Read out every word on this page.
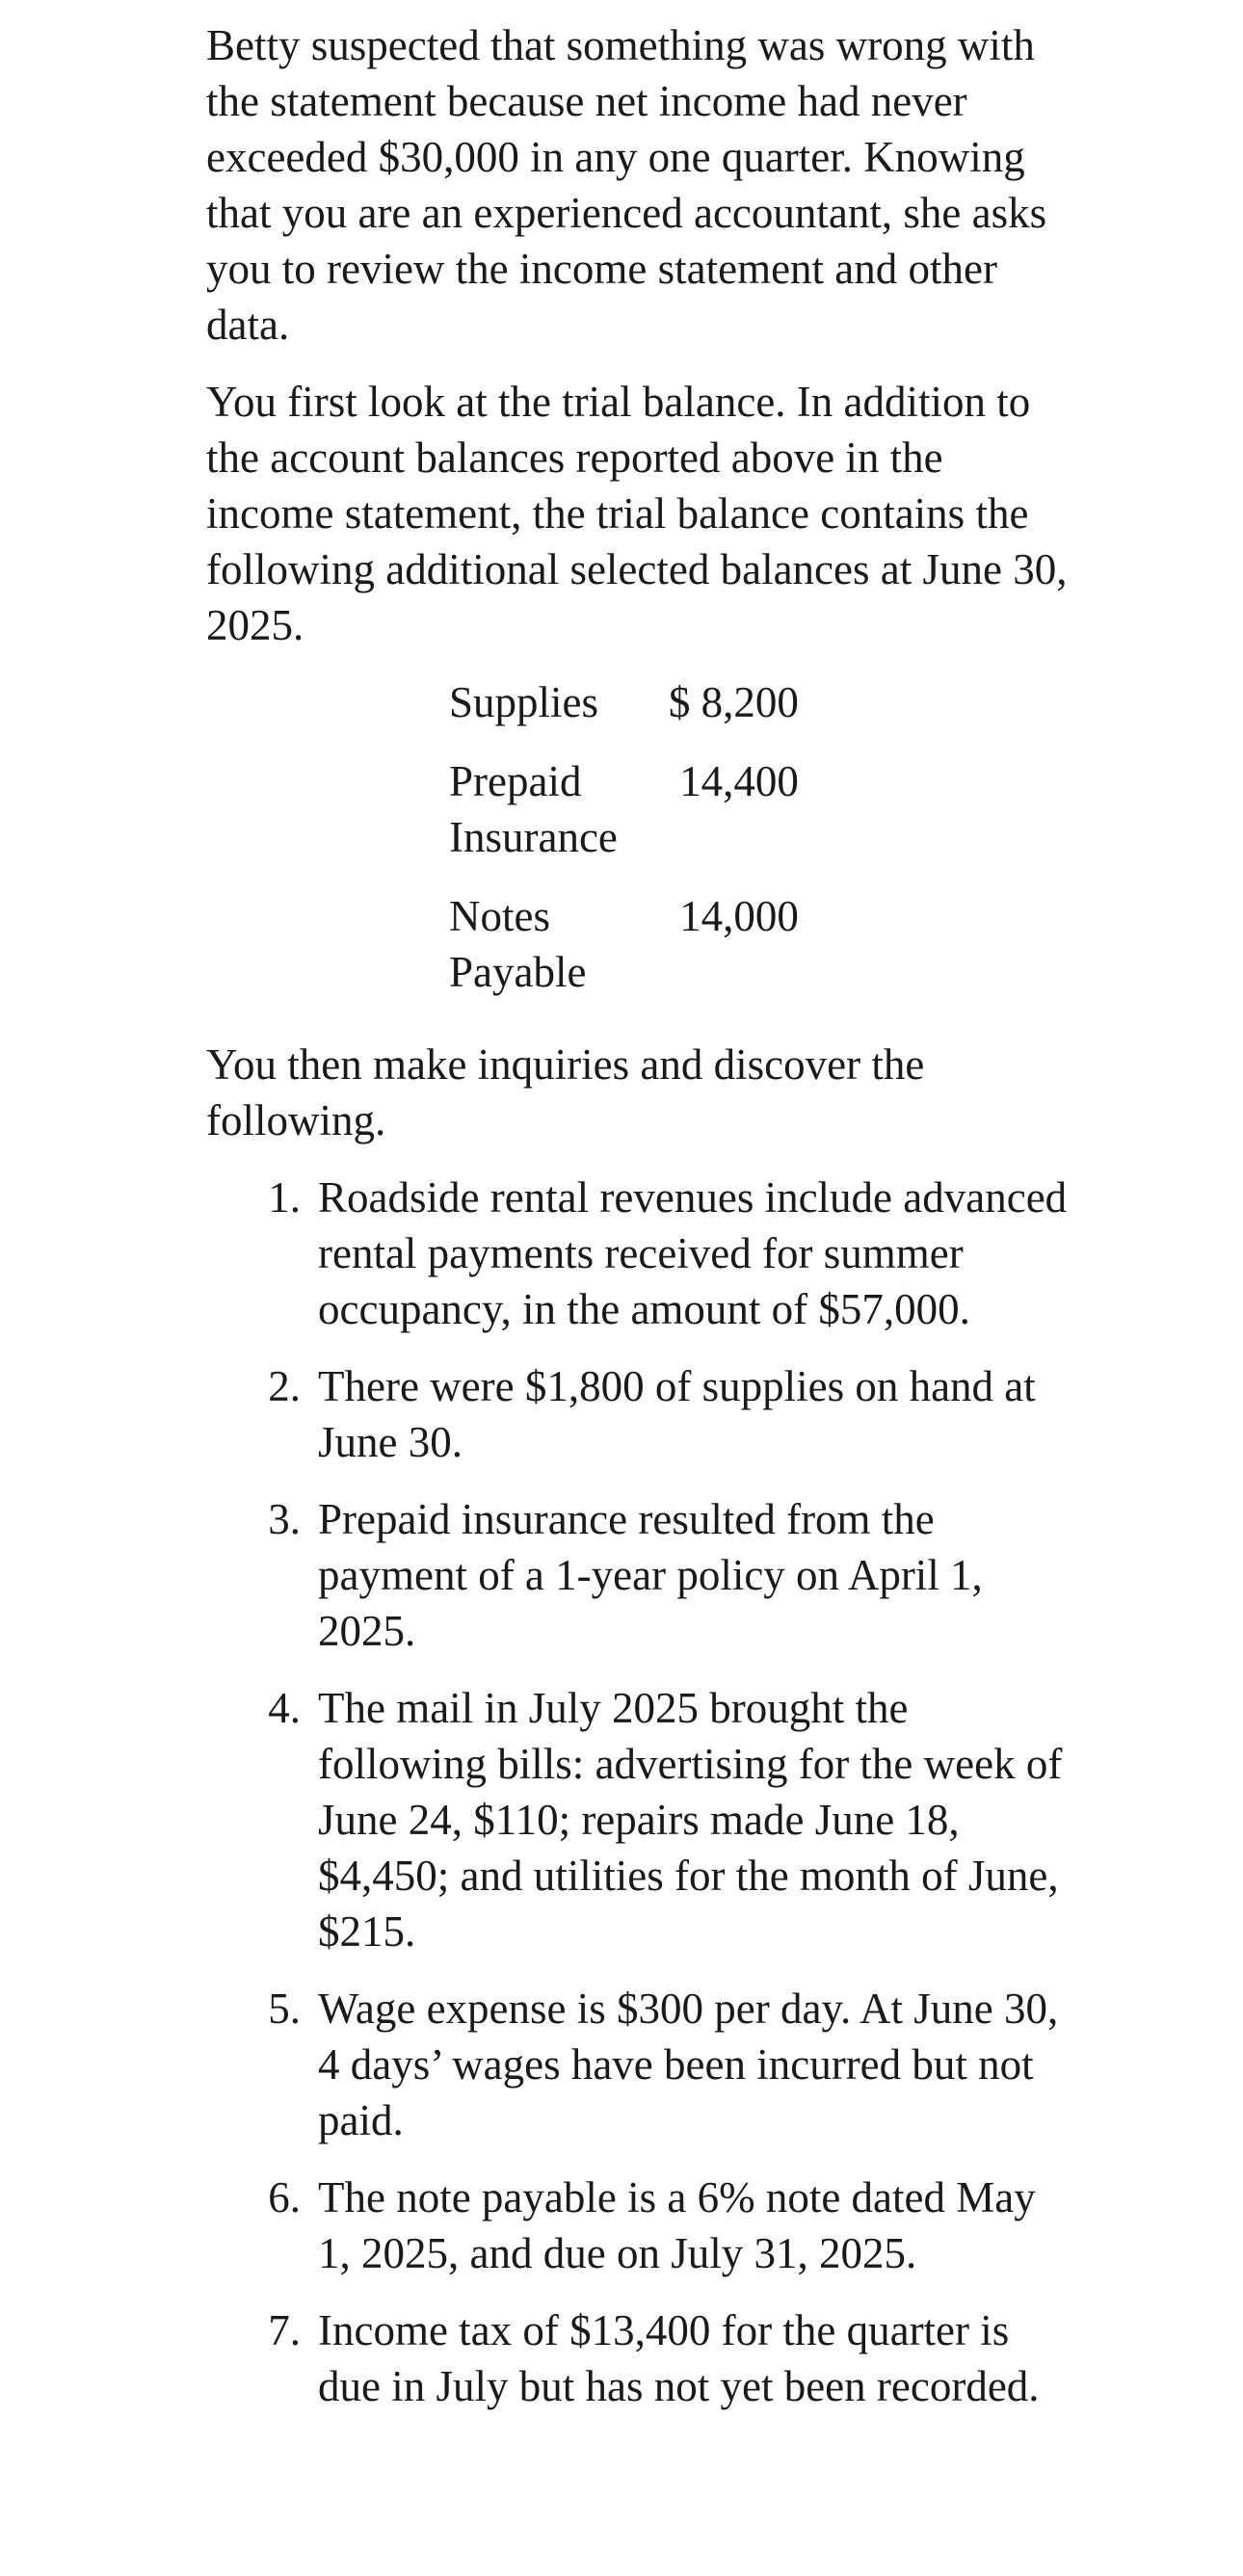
Betty suspected that something was wrong with the statement because net income had never exceeded $30,000 in any one quarter. Knowing that you are an experienced accountant, she asks you to review the income statement and other data.

You first look at the trial balance. In addition to the account balances reported above in the income statement, the trial balance contains the following additional selected balances at June 30, 2025.

Supplies	$ 8,200
Prepaid Insurance	14,400
Notes Payable	14,000

You then make inquiries and discover the following.

1. Roadside rental revenues include advanced rental payments received for summer occupancy, in the amount of $57,000.
2. There were $1,800 of supplies on hand at June 30.
3. Prepaid insurance resulted from the payment of a 1-year policy on April 1, 2025.
4. The mail in July 2025 brought the following bills: advertising for the week of June 24, $110; repairs made June 18, $4,450; and utilities for the month of June, $215.
5. Wage expense is $300 per day. At June 30, 4 days’ wages have been incurred but not paid.
6. The note payable is a 6% note dated May 1, 2025, and due on July 31, 2025.
7. Income tax of $13,400 for the quarter is due in July but has not yet been recorded.
